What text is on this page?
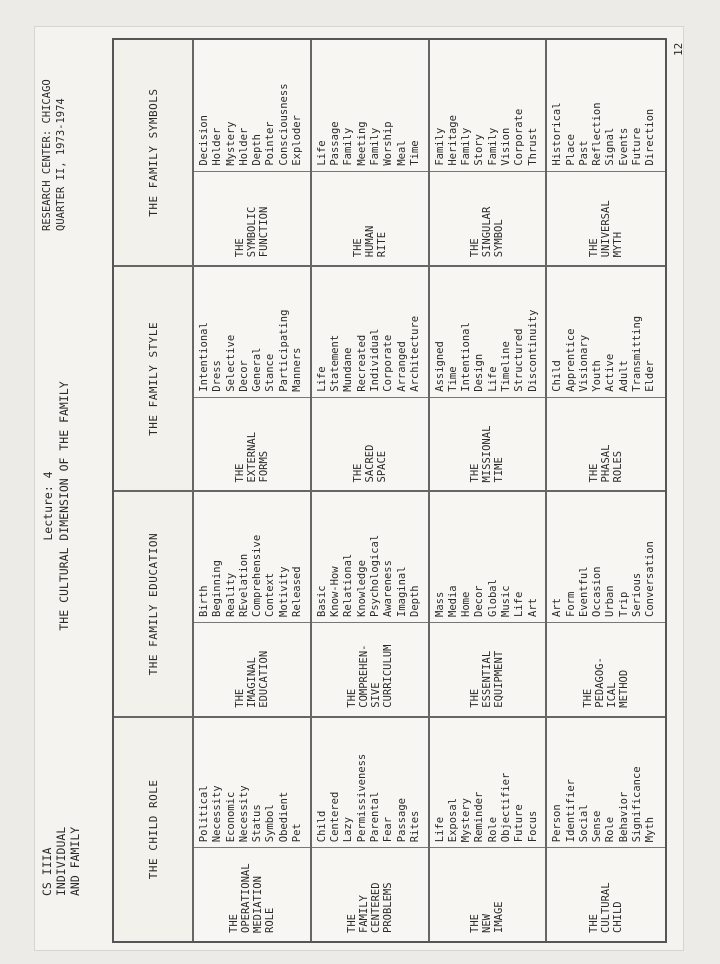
CS IIIA INDIVIDUAL AND FAMILY
Lecture: 4 THE CULTURAL DIMENSION OF THE FAMILY
RESEARCH CENTER: CHICAGO QUARTER II, 1973-1974
THE CHILD ROLE
THE FAMILY EDUCATION
THE FAMILY STYLE
THE FAMILY SYMBOLS
THE
OPERATIONAL
MEDIATION
ROLE
Political Necessity Economic Necessity Status Symbol Obedient Pet
THE
IMAGINAL
EDUCATION
Birth Beginning Reality REvelation Comprehensive Context Motivity Released
THE
EXTERNAL
FORMS
Intentional Dress Selective Decor General Stance Participating Manners
THE
SYMBOLIC
FUNCTION
Decision Holder Mystery Holder Depth Pointer Consciousness Exploder
THE
FAMILY
CENTERED
PROBLEMS
Child Centered Lazy Permissiveness Parental Fear Passage Rites
THE
COMPREHEN-
SIVE
CURRICULUM
Basic Know-How Relational Knowledge Psychological Awareness Imaginal Depth
THE
SACRED
SPACE
Life Statement Mundane Recreated Individual Corporate Arranged Architecture
THE
HUMAN
RITE
Life Passage Family Meeting Family Worship Meal Time
THE
NEW
IMAGE
Life Exposal Mystery Reminder Role Objectifier Future Focus
THE
ESSENTIAL
EQUIPMENT
Mass Media Home Decor Global Music Life Art
THE
MISSIONAL
TIME
Assigned Time Intentional Design Life Timeline Structured Discontinuity
THE
SINGULAR
SYMBOL
Family Heritage Family Story Family Vision Corporate Thrust
THE
CULTURAL
CHILD
Person Identifier Social Sense Role Behavior Significance Myth
THE
PEDAGOG-
ICAL
METHOD
Art Form Eventful Occasion Urban Trip Serious Conversation
THE
PHASAL
ROLES
Child Apprentice Visionary Youth Active Adult Transmitting Elder
THE
UNIVERSAL
MYTH
Historical Place Past Reflection Signal Events Future Direction
12
